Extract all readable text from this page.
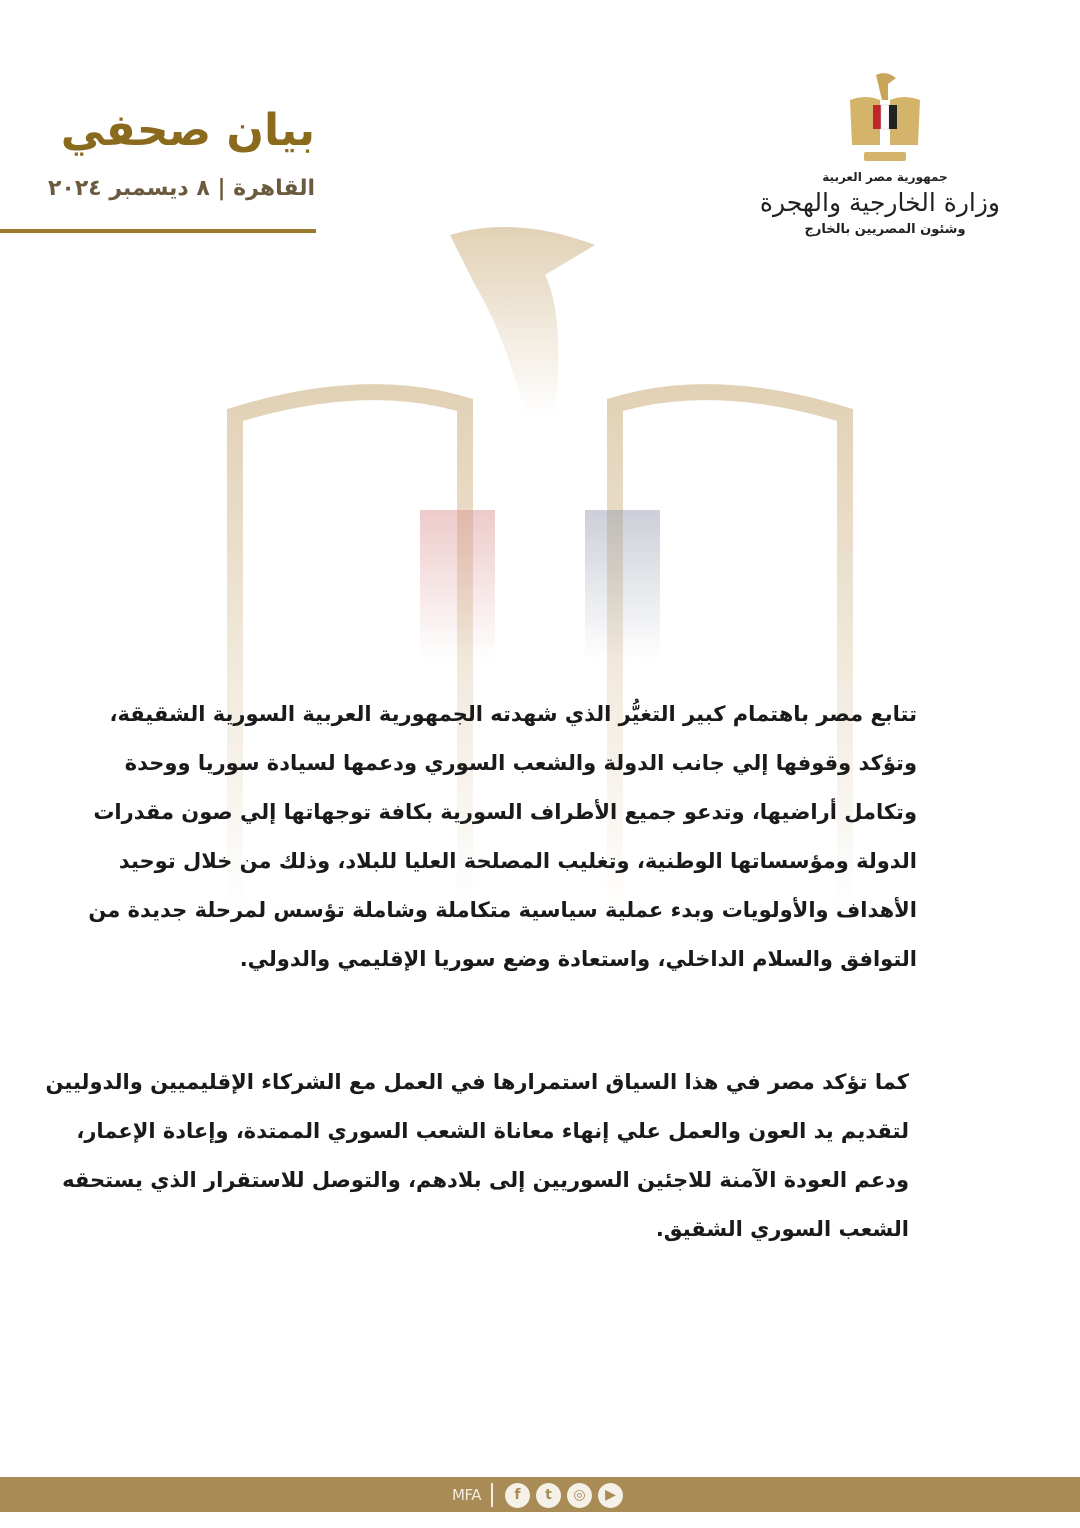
جمهورية مصر العربية
وزارة الخارجية والهجرة
وشئون المصريين بالخارج
بيان صحفي
القاهرة | ٨ ديسمبر ٢٠٢٤
تتابع مصر باهتمام كبير التغيُّر الذي شهدته الجمهورية العربية السورية الشقيقة،
وتؤكد وقوفها إلي جانب الدولة والشعب السوري ودعمها لسيادة سوريا ووحدة
وتكامل أراضيها، وتدعو جميع الأطراف السورية بكافة توجهاتها إلي صون مقدرات
الدولة ومؤسساتها الوطنية، وتغليب المصلحة العليا للبلاد، وذلك من خلال توحيد
الأهداف والأولويات وبدء عملية سياسية متكاملة وشاملة تؤسس لمرحلة جديدة من
التوافق والسلام الداخلي، واستعادة وضع سوريا الإقليمي والدولي.
كما تؤكد مصر في هذا السياق استمرارها في العمل مع الشركاء الإقليميين والدوليين
لتقديم يد العون والعمل علي إنهاء معاناة الشعب السوري الممتدة، وإعادة الإعمار،
ودعم العودة الآمنة للاجئين السوريين إلى بلادهم، والتوصل للاستقرار الذي يستحقه
الشعب السوري الشقيق.
MFA	f	t	◎	▶
